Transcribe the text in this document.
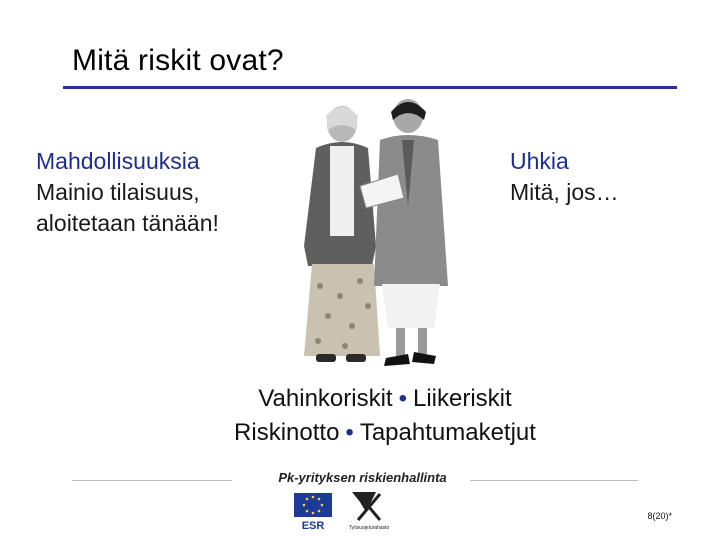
Mitä riskit ovat?
Mahdollisuuksia
Mainio tilaisuus,
aloitetaan tänään!
Uhkia
Mitä, jos…
Vahinkoriskit • Liikeriskit
Riskinotto • Tapahtumaketjut
Pk-yrityksen riskienhallinta
ESR	Työsuojelurahasto
8(20)*
